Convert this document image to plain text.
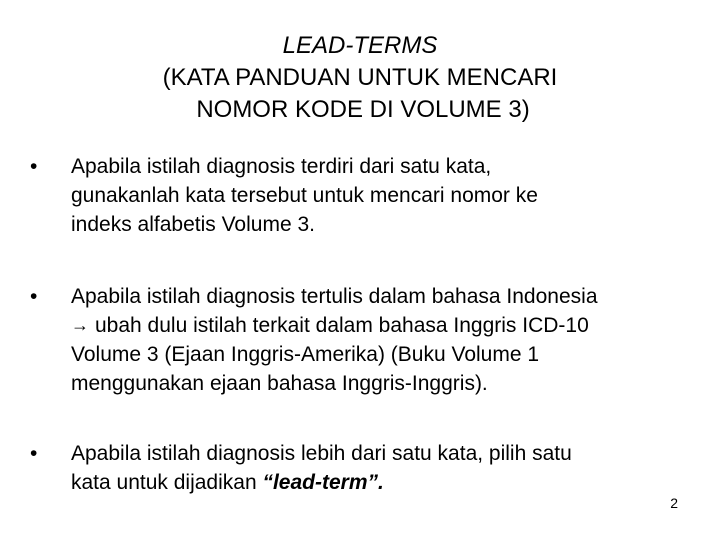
LEAD-TERMS
(KATA PANDUAN UNTUK MENCARI
NOMOR KODE DI VOLUME 3)
•	Apabila istilah diagnosis terdiri dari satu kata,
gunakanlah kata tersebut untuk mencari nomor ke
indeks alfabetis Volume 3.
•	Apabila istilah diagnosis tertulis dalam bahasa Indonesia
→ ubah dulu istilah terkait dalam bahasa Inggris ICD-10
Volume 3 (Ejaan Inggris-Amerika) (Buku Volume 1
menggunakan ejaan bahasa Inggris-Inggris).
•	Apabila istilah diagnosis lebih dari satu kata, pilih satu
kata untuk dijadikan “lead-term”.
2
